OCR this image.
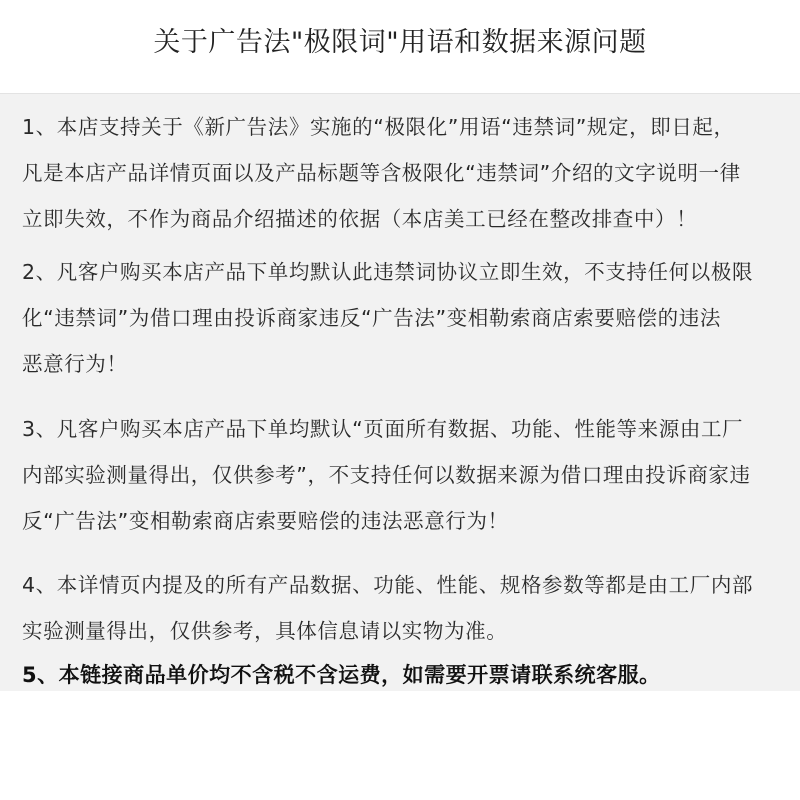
关于广告法"极限词"用语和数据来源问题
1、本店支持关于《新广告法》实施的“极限化”用语“违禁词”规定，即日起，
凡是本店产品详情页面以及产品标题等含极限化“违禁词”介绍的文字说明一律
立即失效，不作为商品介绍描述的依据（本店美工已经在整改排查中）！
2、凡客户购买本店产品下单均默认此违禁词协议立即生效，不支持任何以极限
化“违禁词”为借口理由投诉商家违反“广告法”变相勒索商店索要赔偿的违法
恶意行为！
3、凡客户购买本店产品下单均默认“页面所有数据、功能、性能等来源由工厂
内部实验测量得出，仅供参考”，不支持任何以数据来源为借口理由投诉商家违
反“广告法”变相勒索商店索要赔偿的违法恶意行为！
4、本详情页内提及的所有产品数据、功能、性能、规格参数等都是由工厂内部
实验测量得出，仅供参考，具体信息请以实物为准。
5、本链接商品单价均不含税不含运费，如需要开票请联系统客服。
